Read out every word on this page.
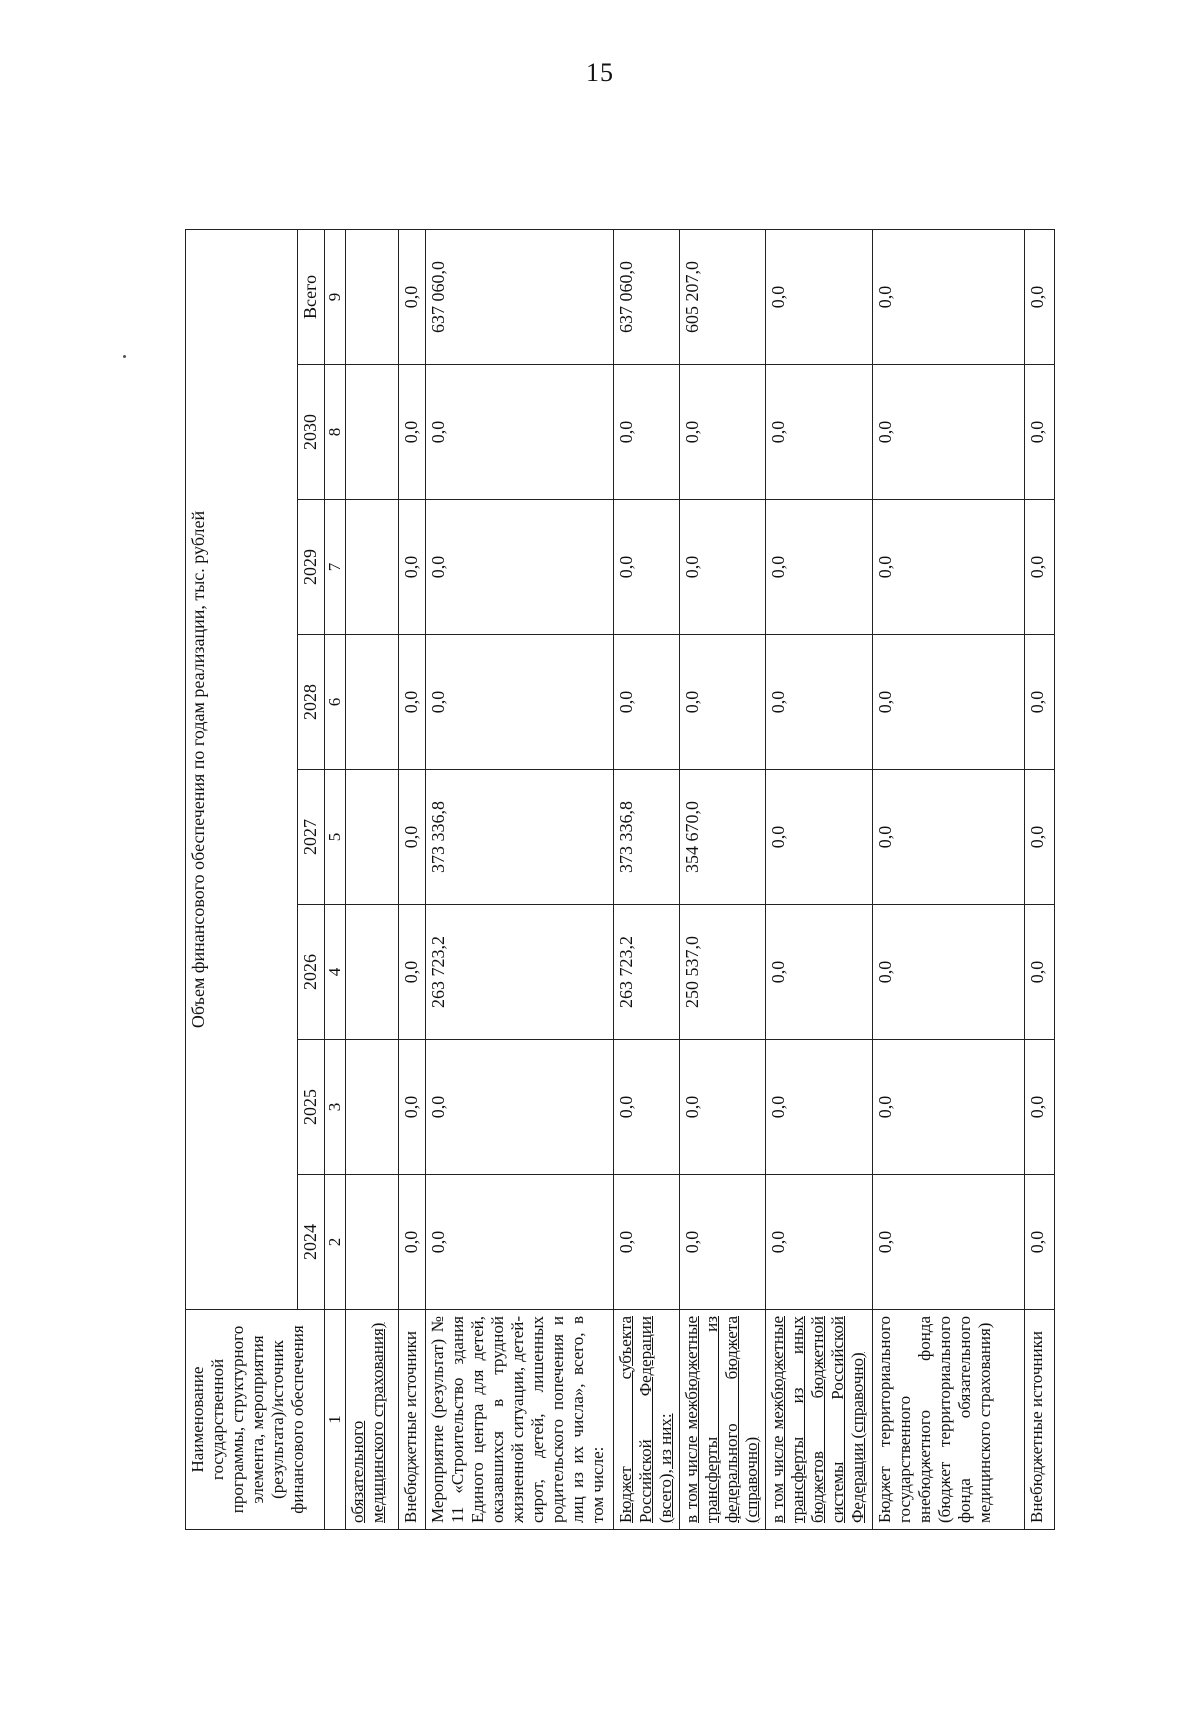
15
Наименование государственной программы, структурного элемента, мероприятия (результата)/источник финансового обеспечения	Объем финансового обеспечения по годам реализации, тыс. рублей							
	2024	2025	2026	2027	2028	2029	2030	Всего
1	2	3	4	5	6	7	8	9
обязательного медицинского страхования)								
Внебюджетные источники	0,0	0,0	0,0	0,0	0,0	0,0	0,0	0,0
Мероприятие (результат) № 11 «Строительство здания Единого центра для детей, оказавшихся в трудной жизненной ситуации, детей-сирот, детей, лишенных родительского попечения и лиц из их числа», всего, в том числе:	0,0	0,0	263 723,2	373 336,8	0,0	0,0	0,0	637 060,0
Бюджет субъекта Российской Федерации (всего), из них:	0,0	0,0	263 723,2	373 336,8	0,0	0,0	0,0	637 060,0
в том числе межбюджетные трансферты из федерального бюджета (справочно)	0,0	0,0	250 537,0	354 670,0	0,0	0,0	0,0	605 207,0
в том числе межбюджетные трансферты из иных бюджетов бюджетной системы Российской Федерации (справочно)	0,0	0,0	0,0	0,0	0,0	0,0	0,0	0,0
Бюджет территориального государственного внебюджетного фонда (бюджет территориального фонда обязательного медицинского страхования)	0,0	0,0	0,0	0,0	0,0	0,0	0,0	0,0
Внебюджетные источники	0,0	0,0	0,0	0,0	0,0	0,0	0,0	0,0
